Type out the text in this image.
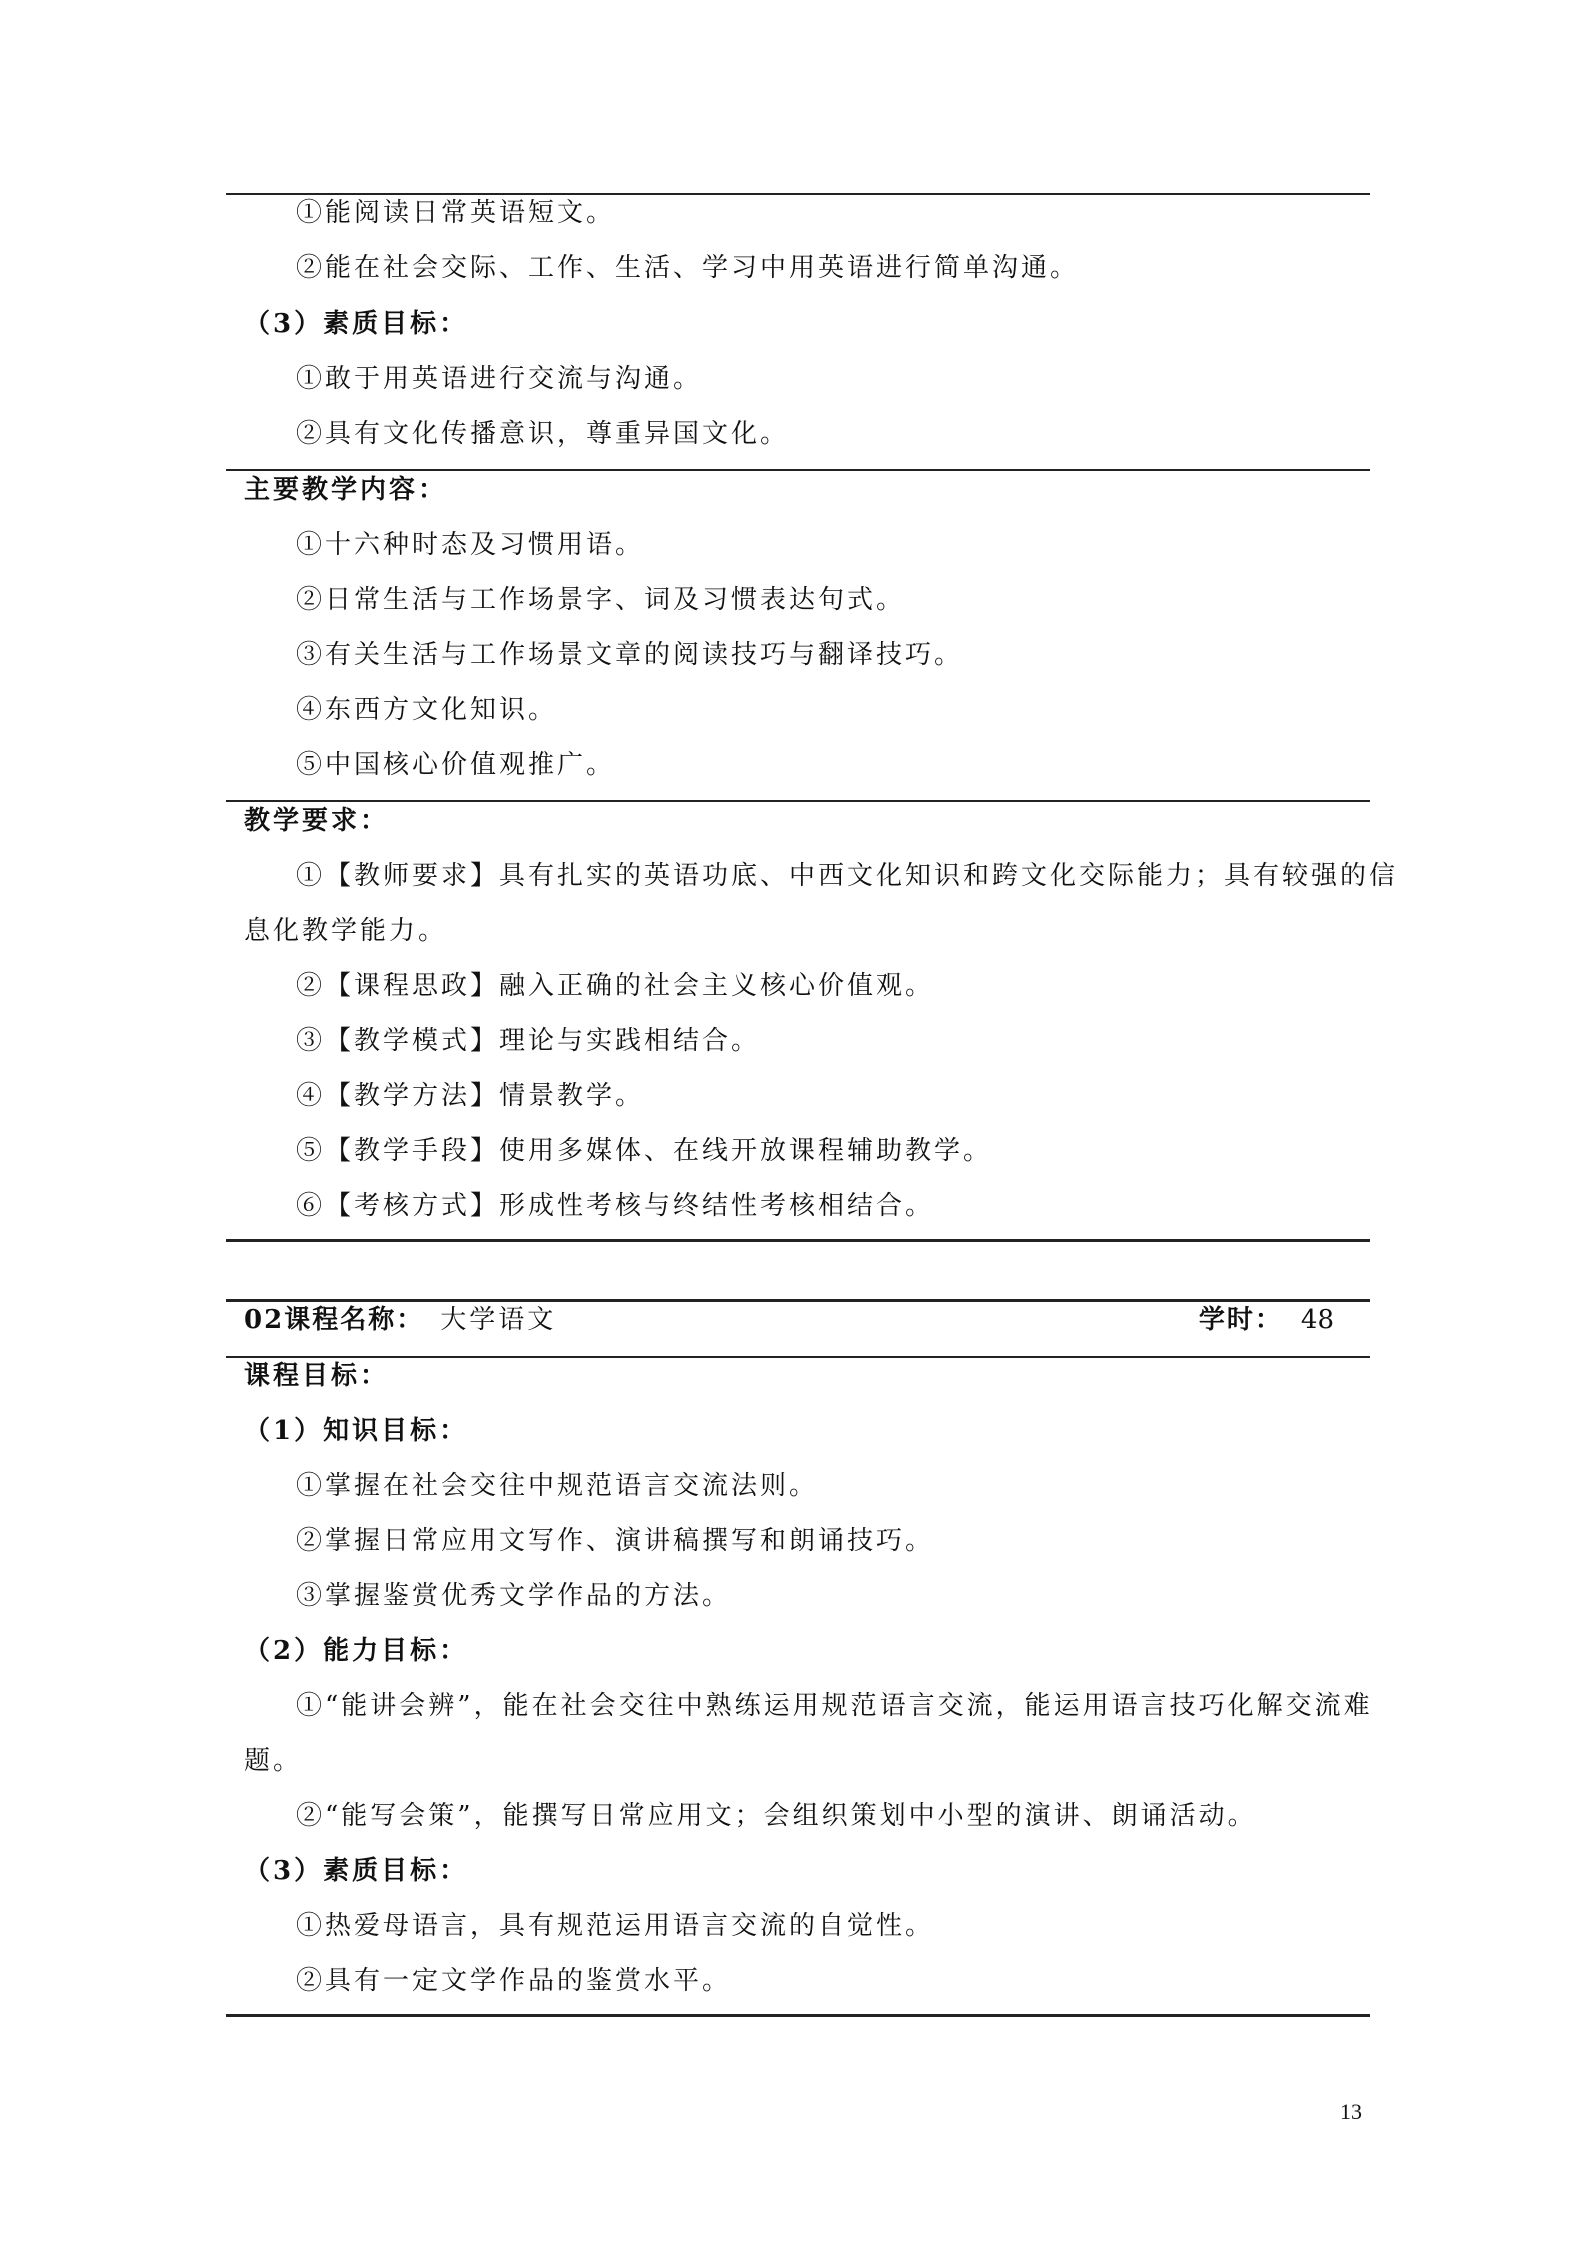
①能阅读日常英语短文。
②能在社会交际、工作、生活、学习中用英语进行简单沟通。
（3）素质目标：
①敢于用英语进行交流与沟通。
②具有文化传播意识，尊重异国文化。
主要教学内容：
①十六种时态及习惯用语。
②日常生活与工作场景字、词及习惯表达句式。
③有关生活与工作场景文章的阅读技巧与翻译技巧。
④东西方文化知识。
⑤中国核心价值观推广。
教学要求：
①【教师要求】具有扎实的英语功底、中西文化知识和跨文化交际能力；具有较强的信
息化教学能力。
②【课程思政】融入正确的社会主义核心价值观。
③【教学模式】理论与实践相结合。
④【教学方法】情景教学。
⑤【教学手段】使用多媒体、在线开放课程辅助教学。
⑥【考核方式】形成性考核与终结性考核相结合。
02课程名称： 大学语文	学时： 48
课程目标：
（1）知识目标：
①掌握在社会交往中规范语言交流法则。
②掌握日常应用文写作、演讲稿撰写和朗诵技巧。
③掌握鉴赏优秀文学作品的方法。
（2）能力目标：
①“能讲会辨”，能在社会交往中熟练运用规范语言交流，能运用语言技巧化解交流难
题。
②“能写会策”，能撰写日常应用文；会组织策划中小型的演讲、朗诵活动。
（3）素质目标：
①热爱母语言，具有规范运用语言交流的自觉性。
②具有一定文学作品的鉴赏水平。
13
